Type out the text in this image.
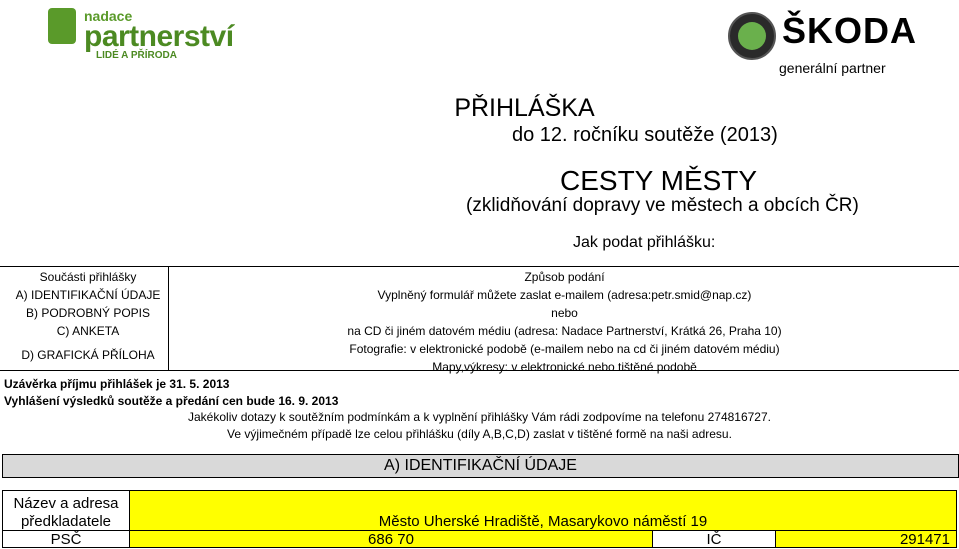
nadace
partnerství
LIDÉ A PŘÍRODA
ŠKODA
generální partner
PŘIHLÁŠKA
do 12. ročníku soutěže (2013)
CESTY MĚSTY
(zklidňování dopravy ve městech a obcích ČR)
Jak podat přihlášku:
Součásti přihlášky	Způsob podání
A) IDENTIFIKAČNÍ ÚDAJE	Vyplněný formulář můžete zaslat e-mailem (adresa:petr.smid@nap.cz)
B) PODROBNÝ POPIS	nebo
C) ANKETA	na CD či jiném datovém médiu (adresa: Nadace Partnerství, Krátká 26, Praha 10)
D) GRAFICKÁ PŘÍLOHA	Fotografie: v elektronické podobě (e-mailem nebo na cd či jiném datovém médiu)
Mapy,výkresy: v elektronické nebo tištěné podobě
Uzávěrka příjmu přihlášek je 31. 5. 2013
Vyhlášení výsledků soutěže a předání cen bude 16. 9. 2013
Jakékoliv dotazy k soutěžním podmínkám a k vyplnění přihlášky Vám rádi zodpovíme na telefonu 274816727.
Ve výjimečném případě lze celou přihlášku (díly A,B,C,D) zaslat v tištěné formě na naši adresu.
A) IDENTIFIKAČNÍ ÚDAJE
Název a adresa
předkladatele	Město Uherské Hradiště, Masarykovo náměstí 19
PSČ	686 70	IČ	291471
